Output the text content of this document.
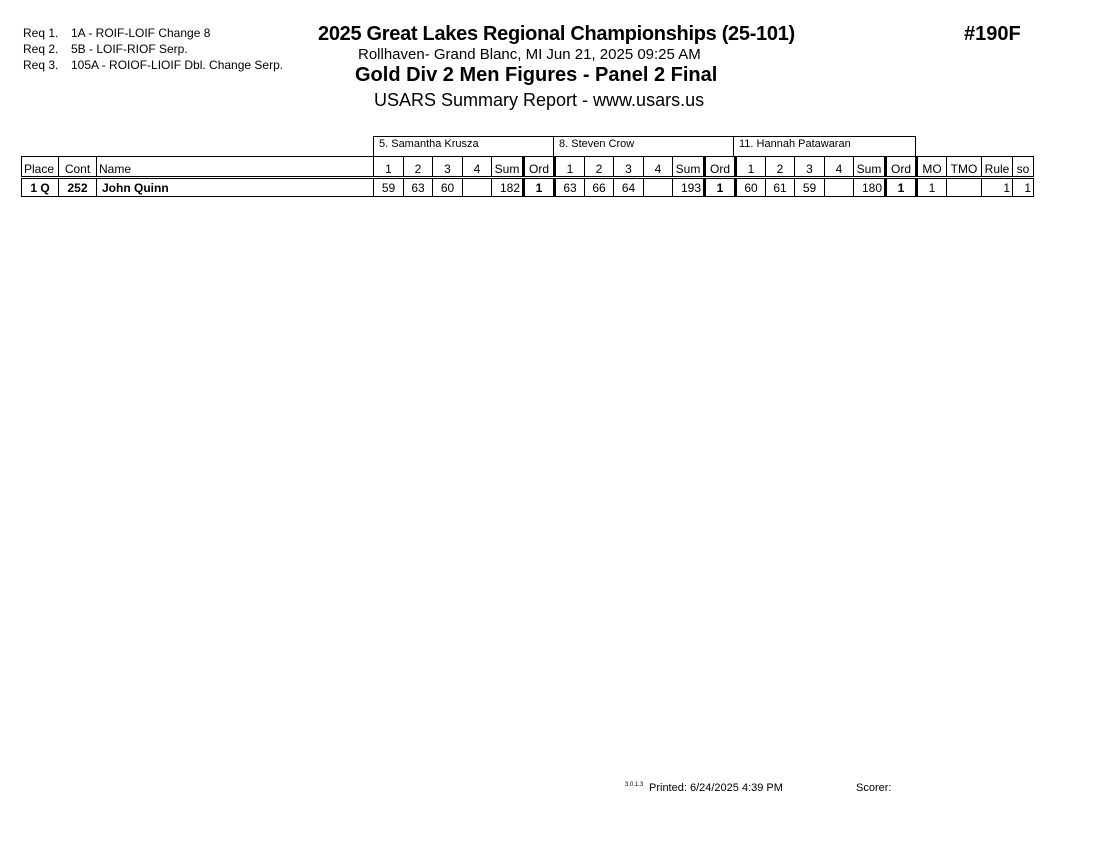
Req 1. 1A - ROIF-LOIF Change 8
Req 2. 5B - LOIF-RIOF Serp.
Req 3. 105A - ROIOF-LIOIF Dbl. Change Serp.
2025 Great Lakes Regional Championships (25-101)	#190F
Rollhaven- Grand Blanc, MI Jun 21, 2025 09:25 AM
Gold Div 2 Men Figures - Panel 2 Final
USARS Summary Report - www.usars.us
5. Samantha Krusza	8. Steven Crow	11. Hannah Patawaran
Place	Cont	Name	1	2	3	4	Sum	Ord	1	2	3	4	Sum	Ord	1	2	3	4	Sum	Ord	MO	TMO	Rule	so
1 Q	252	John Quinn	59	63	60		182	1	63	66	64		193	1	60	61	59		180	1	1		1	1
3.0.1.3 Printed: 6/24/2025 4:39 PM	Scorer:
